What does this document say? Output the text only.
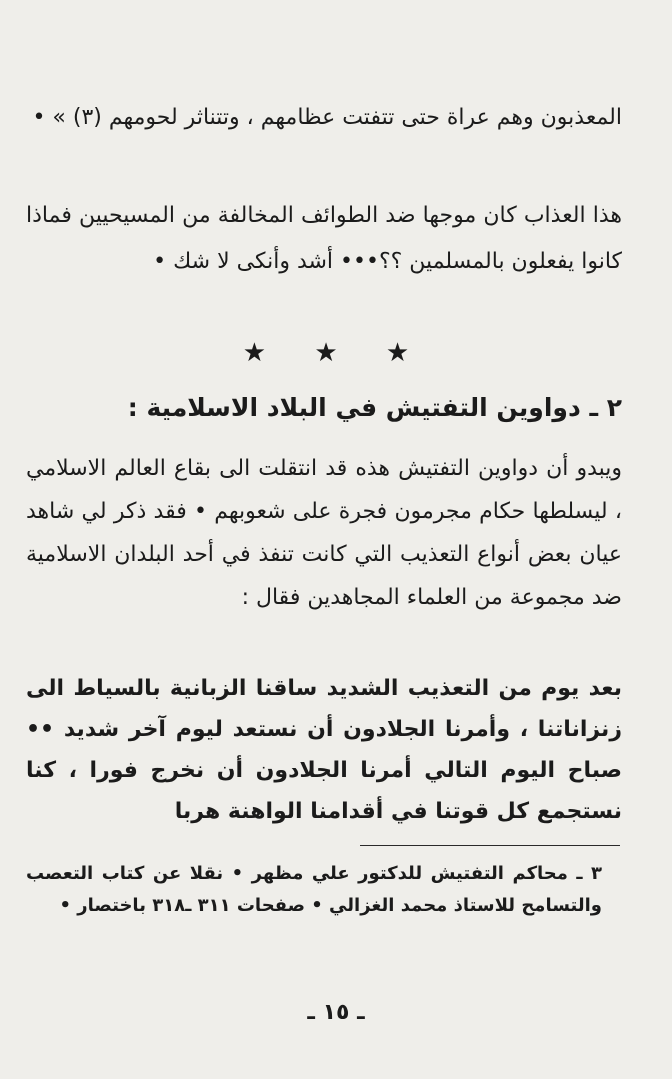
المعذبون وهم عراة حتى تتفتت عظامهم ، وتتناثر لحومهم (٣) » •

هذا العذاب كان موجها ضد الطوائف المخالفة من المسيحيين فماذا كانوا يفعلون بالمسلمين ؟؟••• أشد وأنكى لا شك •

★ ★ ★
٢ ـ دواوين التفتيش في البلاد الاسلامية :

ويبدو أن دواوين التفتيش هذه قد انتقلت الى بقاع العالم الاسلامي ، ليسلطها حكام مجرمون فجرة على شعوبهم • فقد ذكر لي شاهد عيان بعض أنواع التعذيب التي كانت تنفذ في أحد البلدان الاسلامية ضد مجموعة من العلماء المجاهدين فقال :

بعد يوم من التعذيب الشديد ساقنا الزبانية بالسياط الى زنزاناتنا ، وأمرنا الجلادون أن نستعد ليوم آخر شديد •• صباح اليوم التالي أمرنا الجلادون أن نخرج فورا ، كنا نستجمع كل قوتنا في أقدامنا الواهنة هربا

٣ ـ محاكم التفتيش للدكتور علي مظهر • نقلا عن كتاب التعصب والتسامح للاستاذ محمد الغزالي • صفحات ٣١١ ـ٣١٨ باختصار •

ـ ١٥ ـ
